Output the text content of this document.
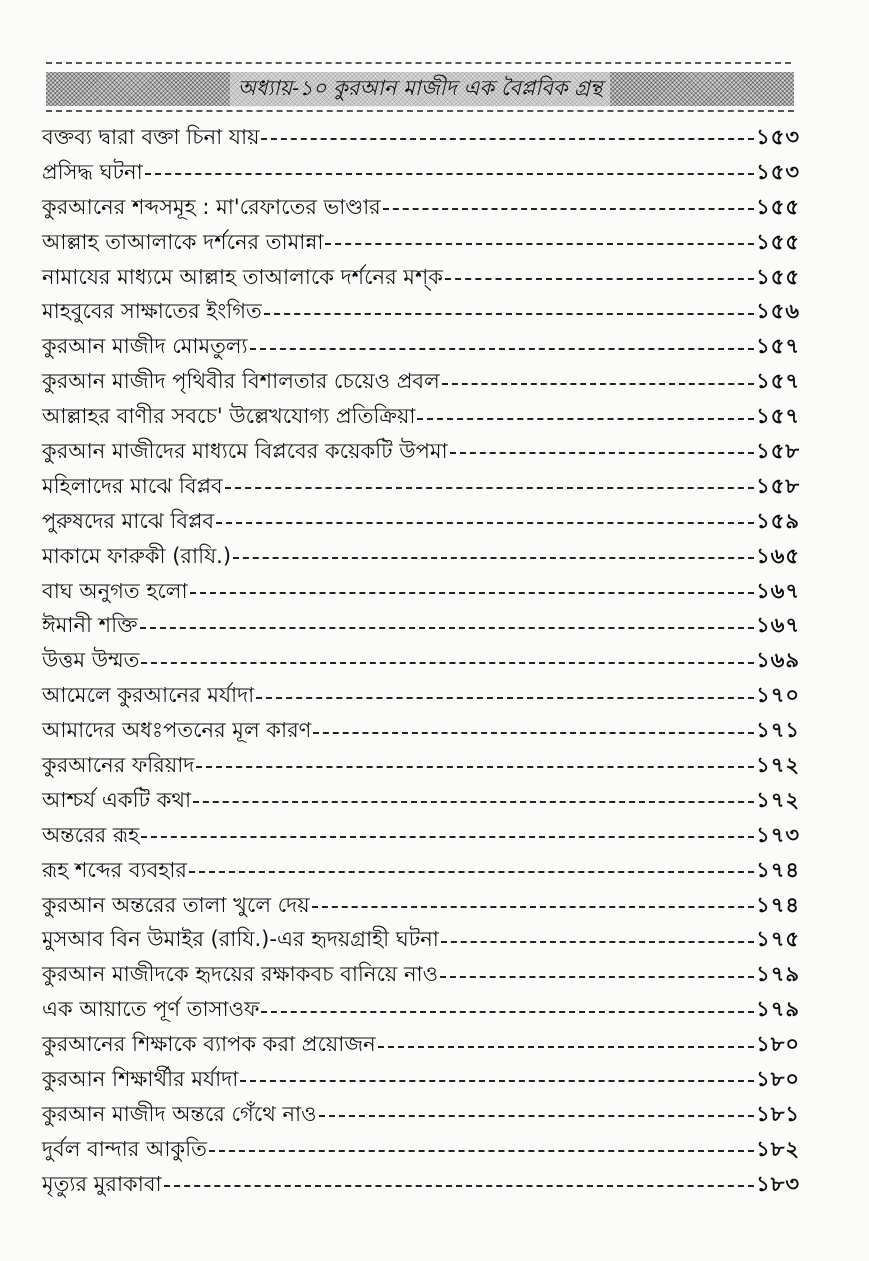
অধ্যায়-১০ কুরআন মাজীদ এক বৈপ্লবিক গ্রন্থ
বক্তব্য দ্বারা বক্তা চিনা যায়	১৫৩
প্রসিদ্ধ ঘটনা	১৫৩
কুরআনের শব্দসমূহ : মা'রেফাতের ভাণ্ডার	১৫৫
আল্লাহ তাআলাকে দর্শনের তামান্না	১৫৫
নামাযের মাধ্যমে আল্লাহ তাআলাকে দর্শনের মশ্‌ক	১৫৫
মাহবুবের সাক্ষাতের ইংগিত	১৫৬
কুরআন মাজীদ মোমতুল্য	১৫৭
কুরআন মাজীদ পৃথিবীর বিশালতার চেয়েও প্রবল	১৫৭
আল্লাহর বাণীর সবচে' উল্লেখযোগ্য প্রতিক্রিয়া	১৫৭
কুরআন মাজীদের মাধ্যমে বিপ্লবের কয়েকটি উপমা	১৫৮
মহিলাদের মাঝে বিপ্লব	১৫৮
পুরুষদের মাঝে বিপ্লব	১৫৯
মাকামে ফারুকী (রাযি.)	১৬৫
বাঘ অনুগত হলো	১৬৭
ঈমানী শক্তি	১৬৭
উত্তম উম্মত	১৬৯
আমেলে কুরআনের মর্যাদা	১৭০
আমাদের অধঃপতনের মূল কারণ	১৭১
কুরআনের ফরিয়াদ	১৭২
আশ্চর্য একটি কথা	১৭২
অন্তরের রূহ	১৭৩
রূহ শব্দের ব্যবহার	১৭৪
কুরআন অন্তরের তালা খুলে দেয়	১৭৪
মুসআব বিন উমাইর (রাযি.)-এর হৃদয়গ্রাহী ঘটনা	১৭৫
কুরআন মাজীদকে হৃদয়ের রক্ষাকবচ বানিয়ে নাও	১৭৯
এক আয়াতে পূর্ণ তাসাওফ	১৭৯
কুরআনের শিক্ষাকে ব্যাপক করা প্রয়োজন	১৮০
কুরআন শিক্ষার্থীর মর্যাদা	১৮০
কুরআন মাজীদ অন্তরে গেঁথে নাও	১৮১
দুর্বল বান্দার আকুতি	১৮২
মৃত্যুর মুরাকাবা	১৮৩
